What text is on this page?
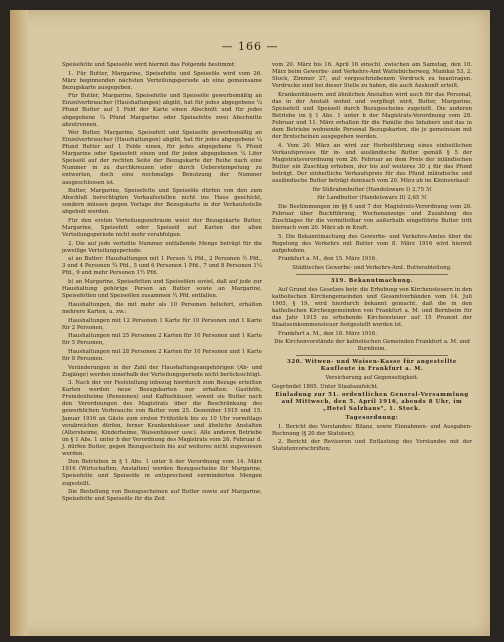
— 166 —

Speisefette und Speiseöle wird hiermit das Folgende bestimmt:

1. Für Butter, Margarine, Speisefette und Speiseöle wird vom 26. März beginnenden nächsten Verteilungsperiode ab eine gemeinsame Bezugskarte ausgegeben.

Für Butter, Margarine, Speisefette und Speiseöle gewerbsmäßig an Einzelverbraucher (Haushaltungen) abgibt, hat für jedes abgegebene ¼ Pfund Butter auf 1 Feld der Karte einen Abschnitt und für jedes abgegebene ¼ Pfund Margarine oder Speisefette zwei Abschnitte abzutrennen.

Wer Butter, Margarine, Speisefett und Speiseöle gewerbsmäßig an Einzelverbraucher (Haushaltungen) abgibt, hat für jedes abgegebene ¼ Pfund Butter auf 1 Felde einen, für jedes abgegebene ¼ Pfund Margarine oder Speisefett einen und für jeden abgegebenen ¼ Liter Speiseöl auf der rechten Seite der Bezugskarte der Reihe nach eine Nummer in zu durchkreuzen oder durch Ueberstempelung zu entwerten, doch eine nochmalige Benutzung der Nummer ausgeschlossen ist.

Butter, Margarine, Speisefette und Speiseöle dürfen von den zum Abschluß berechtigten Verkaufsstellen nicht ins Haus geschickt, sondern müssen gegen Vorlage der Bezugskarte in der Verkaufsstelle abgeholt werden.

Für den ersten Verteilungszeitraum weist der Bezugskarte Butter, Margarine, Speisefett oder Speiseöl auf Karten der alten Verteilungsperiode nicht mehr verabfolgen.

2. Die auf jede verteilte Nummer entfallende Menge beträgt für die jeweilige Verteilungsperiode:

a) an Butter: Haushaltungen mit 1 Person ¼ Pfd., 2 Personen ½ Pfd., 3 und 4 Personen ¾ Pfd., 5 und 6 Personen 1 Pfd., 7 und 8 Personen 1¼ Pfd., 9 und mehr Personen 1½ Pfd.

b) an Margarine, Speisefetten und Speiseölen soviel, daß auf jede zur Haushaltung gehörige Person an Butter sowie an Margarine, Speisefetten und Speiseölen zusammen ¼ Pfd. entfallen.

Haushaltungen, die mit mehr als 10 Personen beliefert, erhalten mehrere Karten, u. zw.:

Haushaltungen mit 12 Personen 1 Karte für 10 Personen und 1 Karte für 2 Personen,

Haushaltungen mit 25 Personen 2 Karten für 10 Personen und 1 Karte für 5 Personen,

Haushaltungen mit 28 Personen 2 Karten für 10 Personen und 1 Karte für 8 Personen.

Veränderungen in der Zahl der Haushaltungsangehörigen (Ab- und Zugänge) werden innerhalb der Verteilungsperiode nicht berücksichtigt.

3. Nach der vor Feststellung inbezug hierdurch zum Bezuge erteilten Karten werden neue Bezugskarten nur erhalten: Gasthöfe, Fremdenheime (Pensionen) und Kaffeehäuser, soweit sie Butter nach den Verordnungen des Magistrats über die Beschränkung des gewerblichen Verbrauchs von Butter vom 25. Dezember 1915 und 15. Januar 1916 an Gäste zum ersten Frühstück bis zu 10 Uhr vormittags verabreichen dürfen, ferner Krankenhäuser und ähnliche Anstalten (Altersheime, Kinderheime, Waisenhäuser usw.). Alle anderen Betriebe im § 1 Abs. 1 unter b der Verordnung des Magistrats vom 26. Februar d. J. dürfen Butter, gegen Bezugsschein bis auf weiteres nicht zugewiesen werden.

Den Betrieben in § 1 Abs. 1 unter b der Verordnung vom 14. März 1916 (Wirtschaften, Anstalten) werden Bezugsscheine für Margarine, Speisefette und Speiseöle in entsprechend verminderten Mengen zugestellt.

Die Bestellung von Bezugsscheinen auf Butter sowie auf Margarine, Speisefette und Speiseöle für die Zeit

vom 20. März bis 16. April 16 einschl. zwischen am Samstag, den 18. März beim Gewerbe- und Verkehrs-Amt Wattebücherweg, Mainkai 53, 2. Stock, Zimmer 27, auf vorgeschriebenem Vordruck zu beantragen. Vordrucke sind bei dieser Stelle zu haben, die auch Auskunft erteilt.

Krankenhäusern und ähnlichen Anstalten wird auch für das Personal, das in der Anstalt wohnt und verpflegt wird, Butter, Margarine, Speisefett und Speiseöl durch Bezugsscheine zugeteilt. Die anderen Betriebe im § 1 Abs. 1 unter b der Magistrats-Verordnung vom 28. Februar und 11. März erhalten für die Familie des Inhabers und das in dem Betriebe wohnende Personal Bezugskarten, die je gemeinsam mit der Brotscheinen ausgegeben werden.

4. Vom 20. März an wird zur Herbeiführung eines einheitlichen Verkaufspreises für in- und ausländische Butter gemäß § 5 der Magistratsverordnung vom 26. Februar an dem Preis der inländischen Butter ein Zuschlag erhoben, der bis auf weiteres 30 ₰ für das Pfund beträgt. Der einheitliche Verkaufspreis für das Pfund inländische und ausländische Butter beträgt demnach vom 20. März ab im Kleinverkauf:

für Süßrahmbutter (Handelsware I) 2,75 ℳ

für Landbutter (Handelsware II) 2,65 ℳ

Die Bestimmungen im §§ 6 und 7 der Magistrats-Verordnung vom 26. Februar über Buchführung, Wochenanzeige und Zuzahlung des Zuschlages für die vermittelbar von außerhalb eingeführte Butter tritt hiernach vom 20. März ab in Kraft.

5. Die Bekanntmachung des Gewerbe- und Verkehrs-Amtes über die Regelung des Verkehrs mit Butter vom 8. März 1916 wird hiermit aufgehoben.

Frankfurt a. M., den 15. März 1916.

Städtisches Gewerbe- und Verkehrs-Amt. Butterabteilung.

319. Bekanntmachung.

Auf Grund des Gesetzes betr. die Erhebung von Kirchensteuern in den katholischen Kirchengemeinden und Gesamtverbänden vom 14. Juli 1905, § 19, wird hierdurch bekannt gemacht, daß die in den katholischen Kirchengemeinden von Frankfurt a. M. und Bornheim für das Jahr 1915 zu erhebende Kirchensteuer auf 15 Prozent der Staatseinkommensteuer festgestellt worden ist.

Frankfurt a. M., den 18. März 1916.

Die Kirchenvorstände der katholischen Gemeinden Frankfurt a. M. und Bornheim.

320. Witwen- und Waisen-Kasse für angestellte Kaufleute in Frankfurt a. M.

Versicherung auf Gegenseitigkeit.

Gegründet 1865. Unter Staatsaufsicht.

Einladung zur 51. ordentlichen General-Versammlung auf Mittwoch, den 5. April 1916, abends 8 Uhr, im „Hotel Salzhaus“, 1. Stock.

Tagesordnung:

1. Bericht des Vorstandes: Bilanz, sowie Einnahmen- und Ausgaben-Rechnung (§ 20 der Statuten);

2. Bericht der Revisoren und Entlastung des Vorstandes mit der Statutenvorschriften;
